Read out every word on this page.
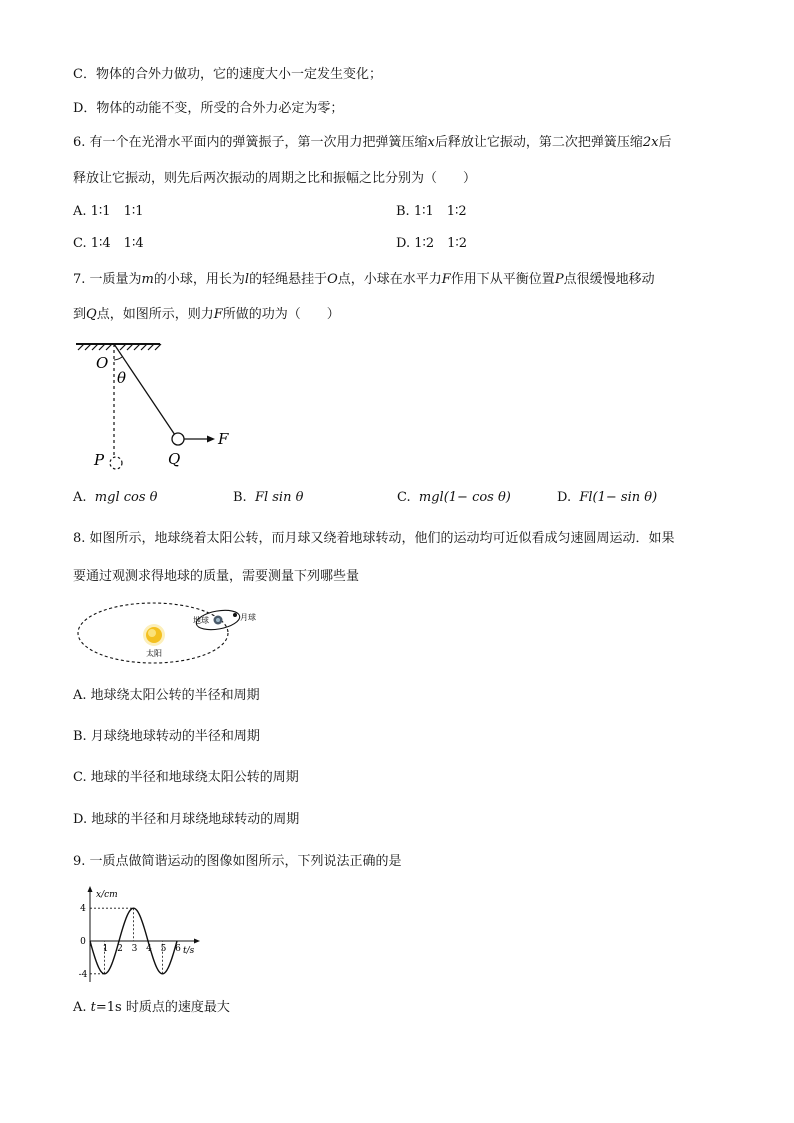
C．物体的合外力做功，它的速度大小一定发生变化；
D．物体的动能不变，所受的合外力必定为零；
6. 有一个在光滑水平面内的弹簧振子，第一次用力把弹簧压缩x后释放让它振动，第二次把弹簧压缩2x后
释放让它振动，则先后两次振动的周期之比和振幅之比分别为（　　）
A. 1∶1　1∶1	B. 1∶1　1∶2
C. 1∶4　1∶4	D. 1∶2　1∶2
7. 一质量为m的小球，用长为l的轻绳悬挂于O点，小球在水平力F作用下从平衡位置P点很缓慢地移动
到Q点，如图所示，则力F所做的功为（　　）
O
θ
P	Q
F
A. mgl cos θ	B. Fl sin θ	C. mgl(1− cos θ)	D. Fl(1− sin θ)
8. 如图所示，地球绕着太阳公转，而月球又绕着地球转动，他们的运动均可近似看成匀速圆周运动．如果
要通过观测求得地球的质量，需要测量下列哪些量
太阳
地球	月球
A. 地球绕太阳公转的半径和周期
B. 月球绕地球转动的半径和周期
C. 地球的半径和地球绕太阳公转的周期
D. 地球的半径和月球绕地球转动的周期
9. 一质点做简谐运动的图像如图所示，下列说法正确的是
x/cm
t/s
1 2 3 4 5 6
4
0
-4
A. t=1s 时质点的速度最大
